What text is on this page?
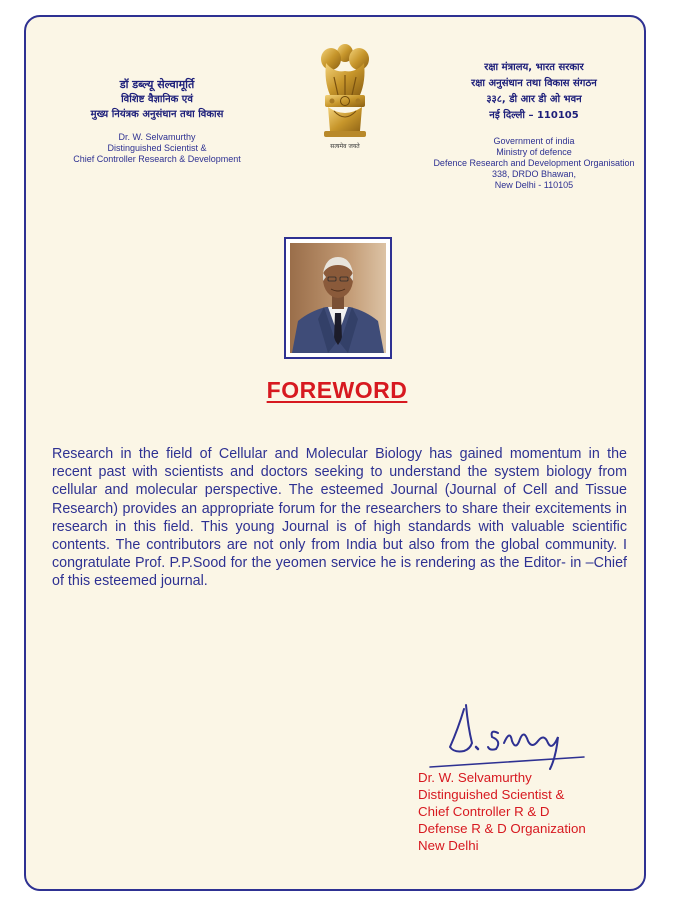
डॉ डब्ल्यू सेल्वामूर्ति
विशिष्ट वैज्ञानिक एवं
मुख्य नियंत्रक अनुसंधान तथा विकास
Dr. W. Selvamurthy
Distinguished Scientist &
Chief Controller Research & Development
सत्यमेव जयते
रक्षा मंत्रालय, भारत सरकार
रक्षा अनुसंधान तथा विकास संगठन
३३८, डी आर डी ओ भवन
नई दिल्ली – 110105
Government of india
Ministry of defence
Defence Research and Development Organisation
338, DRDO Bhawan,
New Delhi - 110105
FOREWORD
Research in the field of Cellular and Molecular Biology has gained momentum in the recent past with scientists and doctors seeking to understand the system biology from cellular and molecular perspective. The esteemed Journal (Journal of Cell and Tissue Research) provides an appropriate forum for the researchers to share their excitements in research in this field. This young Journal is of high standards with valuable scientific contents. The contributors are not only from India but also from the global community. I congratulate Prof. P.P.Sood for the yeomen service he is rendering as the Editor- in –Chief of this esteemed journal.
Dr. W. Selvamurthy
Distinguished Scientist &
Chief Controller R & D
Defense R & D Organization
New Delhi
